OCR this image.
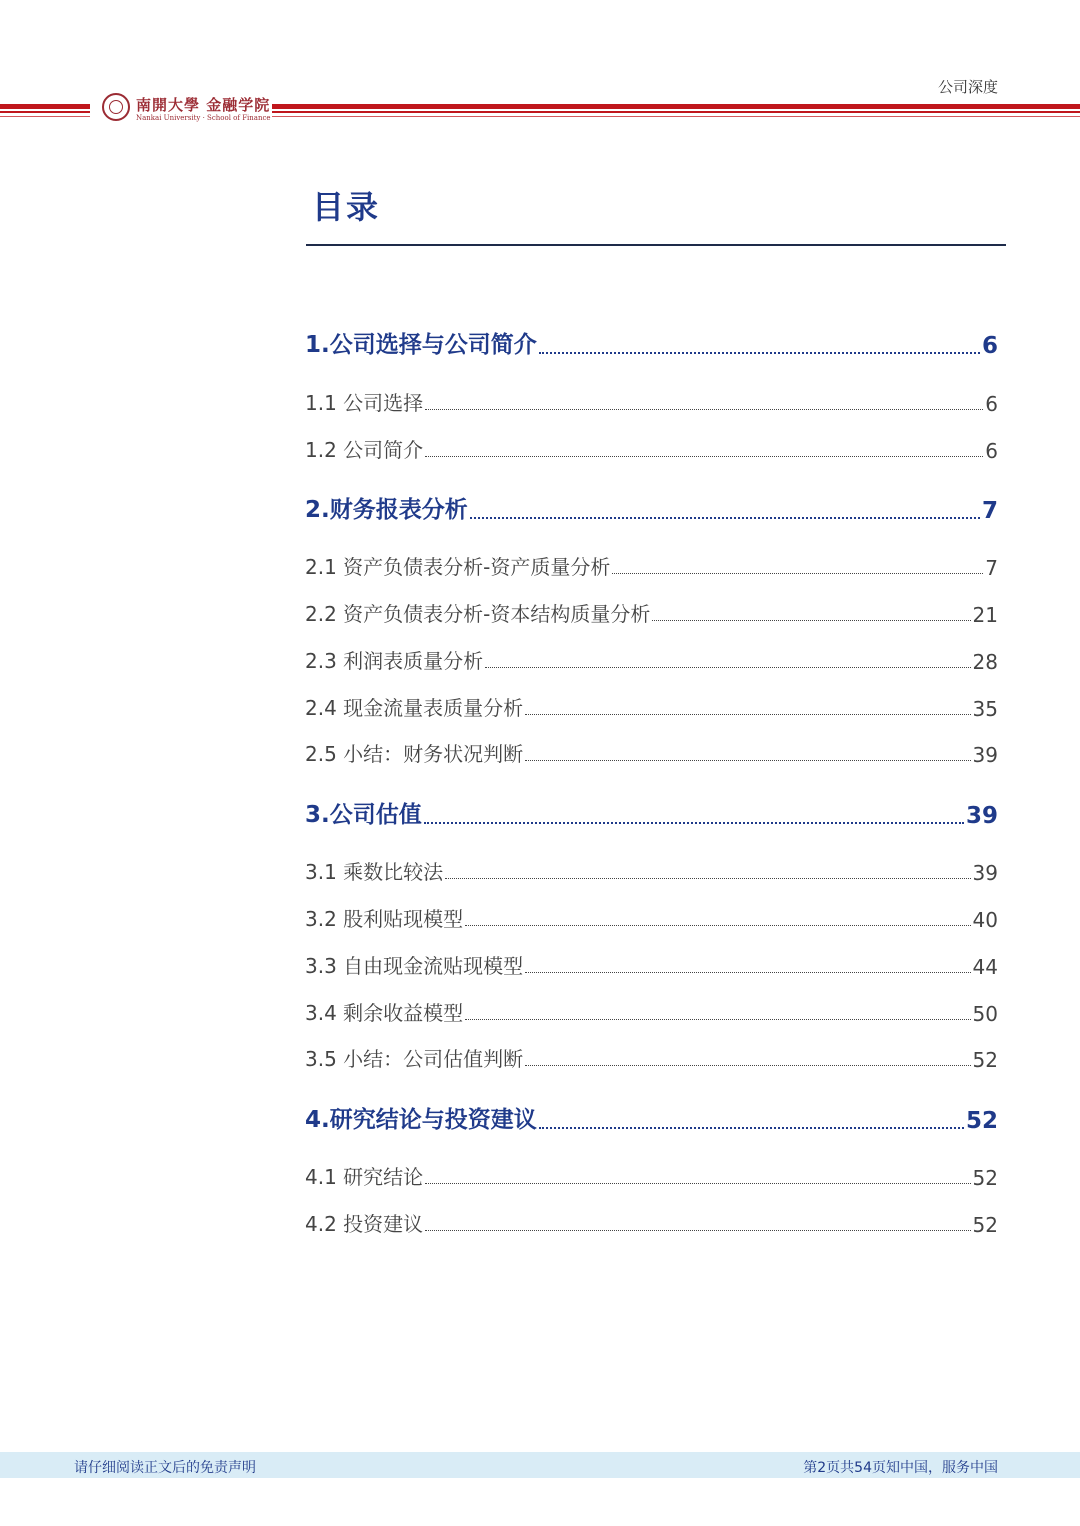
公司深度
南開大學 金融学院
Nankai University · School of Finance
目录
1.公司选择与公司简介	6
1.1 公司选择	6
1.2 公司简介	6
2.财务报表分析	7
2.1 资产负债表分析-资产质量分析	7
2.2 资产负债表分析-资本结构质量分析	21
2.3 利润表质量分析	28
2.4 现金流量表质量分析	35
2.5 小结：财务状况判断	39
3.公司估值	39
3.1 乘数比较法	39
3.2 股利贴现模型	40
3.3 自由现金流贴现模型	44
3.4 剩余收益模型	50
3.5 小结：公司估值判断	52
4.研究结论与投资建议	52
4.1 研究结论	52
4.2 投资建议	52
请仔细阅读正文后的免责声明	第2页共54页知中国，服务中国
